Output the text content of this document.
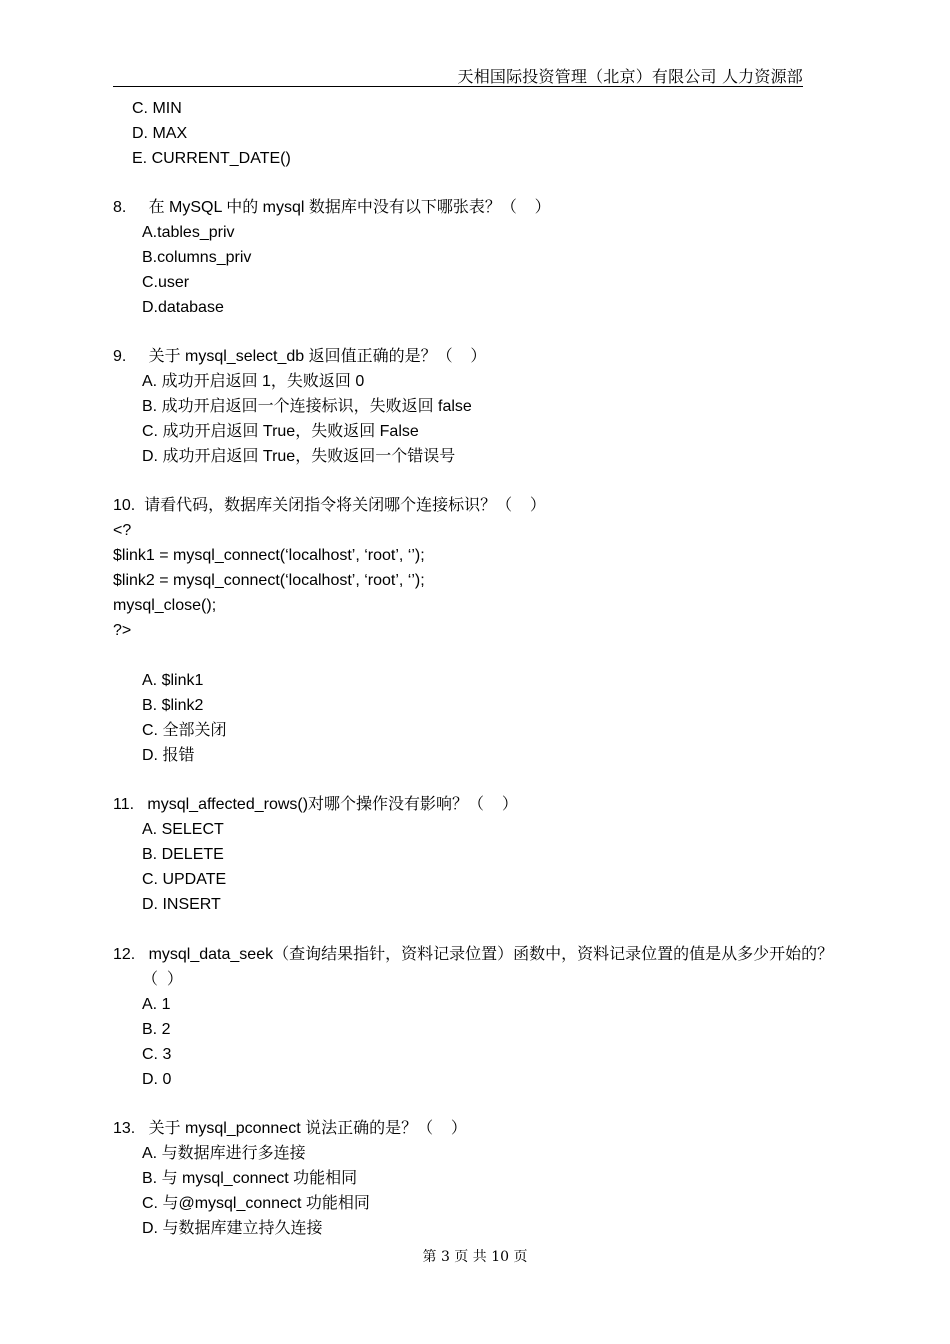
天相国际投资管理（北京）有限公司 人力资源部
C. MIN
D. MAX
E. CURRENT_DATE()
8.     在 MySQL 中的 mysql 数据库中没有以下哪张表？（    ）
A.tables_priv
B.columns_priv
C.user
D.database
9.     关于 mysql_select_db 返回值正确的是？（    ）
A. 成功开启返回 1，失败返回 0
B. 成功开启返回一个连接标识，失败返回 false
C. 成功开启返回 True，失败返回 False
D. 成功开启返回 True，失败返回一个错误号
10.  请看代码，数据库关闭指令将关闭哪个连接标识？（    ）
<?
$link1 = mysql_connect(‘localhost’, ‘root’, ‘’);
$link2 = mysql_connect(‘localhost’, ‘root’, ‘’);
mysql_close();
?>
A. $link1
B. $link2
C. 全部关闭
D. 报错
11.   mysql_affected_rows()对哪个操作没有影响？（    ）
A. SELECT
B. DELETE
C. UPDATE
D. INSERT
12.   mysql_data_seek（查询结果指针，资料记录位置）函数中，资料记录位置的值是从多少开始的？
（  ）
A. 1
B. 2
C. 3
D. 0
13.   关于 mysql_pconnect 说法正确的是？（    ）
A. 与数据库进行多连接
B. 与 mysql_connect 功能相同
C. 与@mysql_connect 功能相同
D. 与数据库建立持久连接
第 3 页 共 10 页
